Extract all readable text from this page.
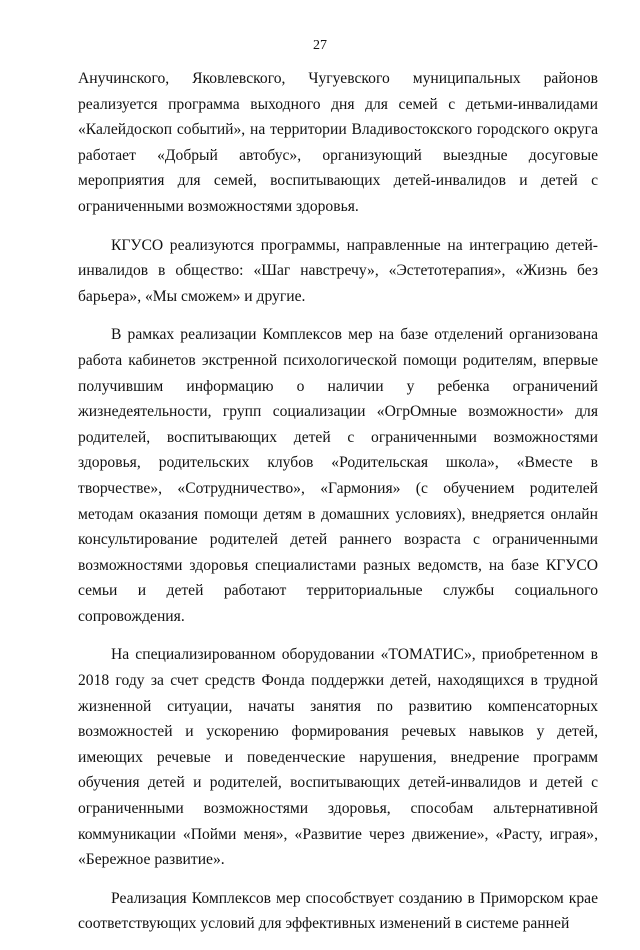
27

Анучинского, Яковлевского, Чугуевского муниципальных районов реализуется программа выходного дня для семей с детьми-инвалидами «Калейдоскоп событий», на территории Владивостокского городского округа работает «Добрый автобус», организующий выездные досуговые мероприятия для семей, воспитывающих детей-инвалидов и детей с ограниченными возможностями здоровья.

КГУСО реализуются программы, направленные на интеграцию детей-инвалидов в общество: «Шаг навстречу», «Эстетотерапия», «Жизнь без барьера», «Мы сможем» и другие.

В рамках реализации Комплексов мер на базе отделений организована работа кабинетов экстренной психологической помощи родителям, впервые получившим информацию о наличии у ребенка ограничений жизнедеятельности, групп социализации «ОгрОмные возможности» для родителей, воспитывающих детей с ограниченными возможностями здоровья, родительских клубов «Родительская школа», «Вместе в творчестве», «Сотрудничество», «Гармония» (с обучением родителей методам оказания помощи детям в домашних условиях), внедряется онлайн консультирование родителей детей раннего возраста с ограниченными возможностями здоровья специалистами разных ведомств, на базе КГУСО семьи и детей работают территориальные службы социального сопровождения.

На специализированном оборудовании «ТОМАТИС», приобретенном в 2018 году за счет средств Фонда поддержки детей, находящихся в трудной жизненной ситуации, начаты занятия по развитию компенсаторных возможностей и ускорению формирования речевых навыков у детей, имеющих речевые и поведенческие нарушения, внедрение программ обучения детей и родителей, воспитывающих детей-инвалидов и детей с ограниченными возможностями здоровья, способам альтернативной коммуникации «Пойми меня», «Развитие через движение», «Расту, играя», «Бережное развитие».

Реализация Комплексов мер способствует созданию в Приморском крае соответствующих условий для эффективных изменений в системе ранней
